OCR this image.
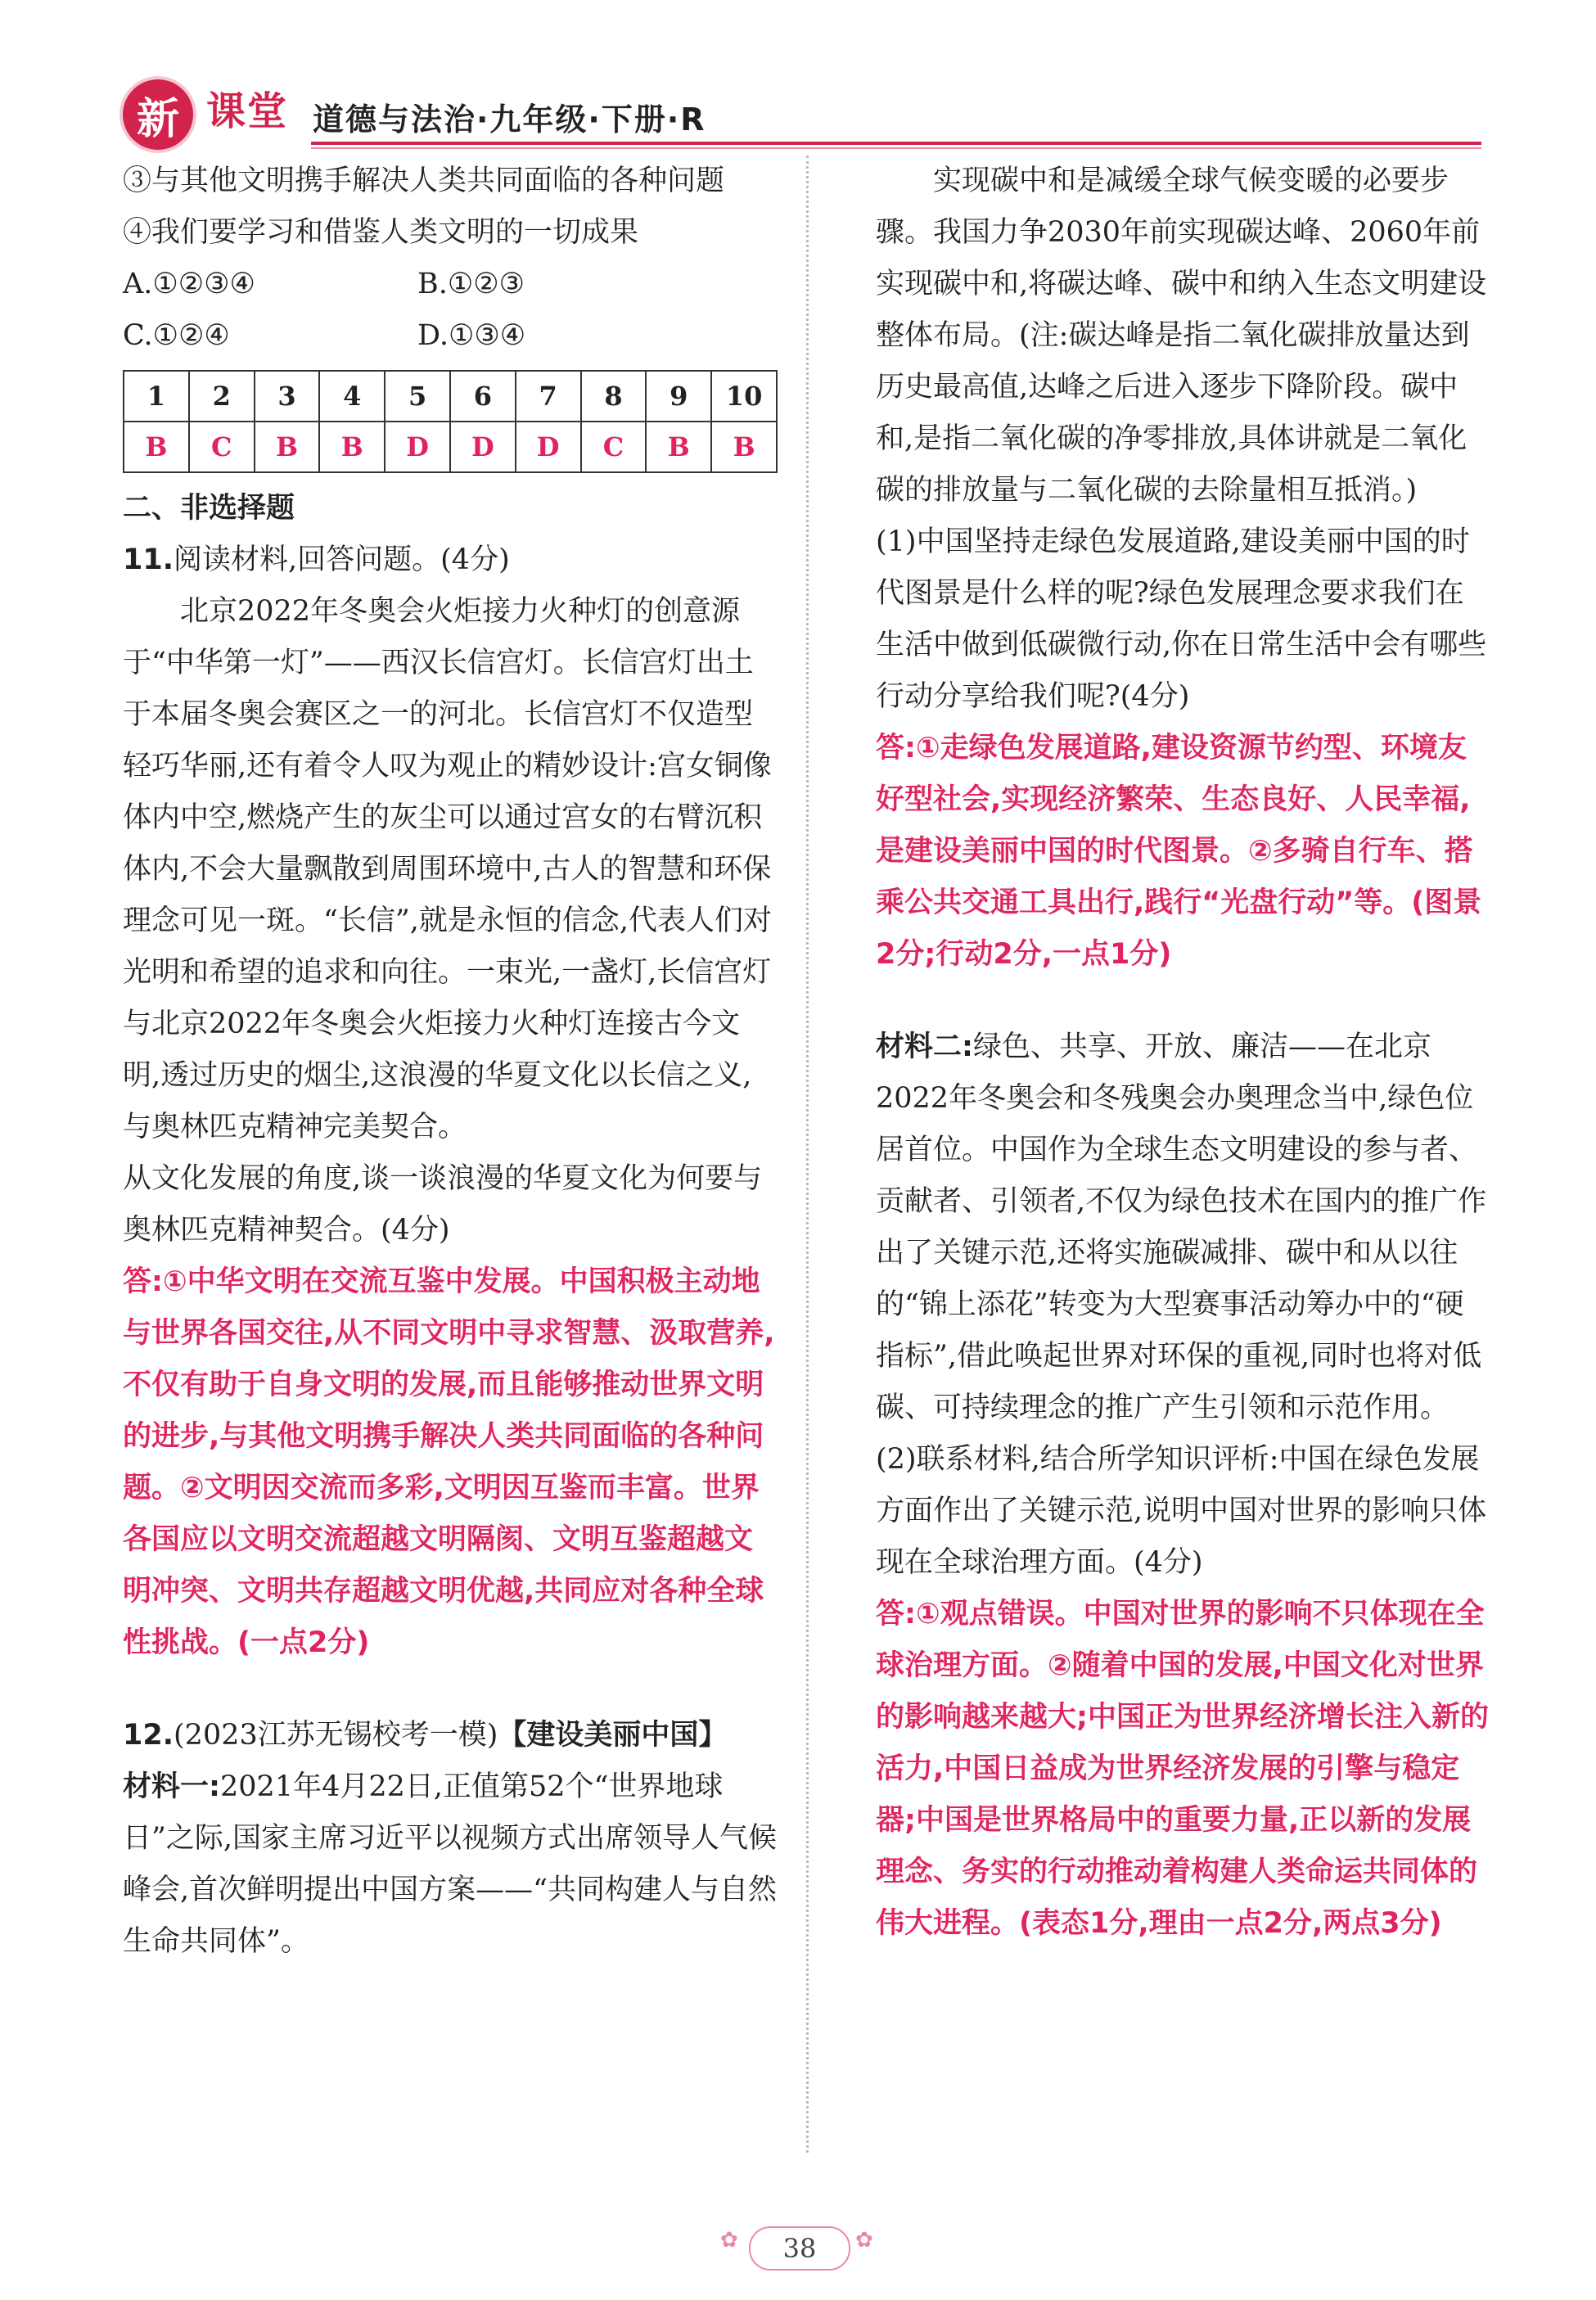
新 课堂 道德与法治·九年级·下册·R

③与其他文明携手解决人类共同面临的各种问题

④我们要学习和借鉴人类文明的一切成果

A.①②③④	B.①②③
C.①②④	D.①③④
1	2	3	4	5	6	7	8	9	10
B	C	B	B	D	D	D	C	B	B

二、非选择题

11.阅读材料,回答问题。(4分)

北京2022年冬奥会火炬接力火种灯的创意源于“中华第一灯”——西汉长信宫灯。长信宫灯出土于本届冬奥会赛区之一的河北。长信宫灯不仅造型轻巧华丽,还有着令人叹为观止的精妙设计:宫女铜像体内中空,燃烧产生的灰尘可以通过宫女的右臂沉积体内,不会大量飘散到周围环境中,古人的智慧和环保理念可见一斑。“长信”,就是永恒的信念,代表人们对光明和希望的追求和向往。一束光,一盏灯,长信宫灯与北京2022年冬奥会火炬接力火种灯连接古今文明,透过历史的烟尘,这浪漫的华夏文化以长信之义,与奥林匹克精神完美契合。

从文化发展的角度,谈一谈浪漫的华夏文化为何要与奥林匹克精神契合。(4分)

答:①中华文明在交流互鉴中发展。中国积极主动地与世界各国交往,从不同文明中寻求智慧、汲取营养,不仅有助于自身文明的发展,而且能够推动世界文明的进步,与其他文明携手解决人类共同面临的各种问题。②文明因交流而多彩,文明因互鉴而丰富。世界各国应以文明交流超越文明隔阂、文明互鉴超越文明冲突、文明共存超越文明优越,共同应对各种全球性挑战。(一点2分)

12.(2023江苏无锡校考一模)【建设美丽中国】

材料一:2021年4月22日,正值第52个“世界地球日”之际,国家主席习近平以视频方式出席领导人气候峰会,首次鲜明提出中国方案——“共同构建人与自然生命共同体”。

实现碳中和是减缓全球气候变暖的必要步骤。我国力争2030年前实现碳达峰、2060年前实现碳中和,将碳达峰、碳中和纳入生态文明建设整体布局。(注:碳达峰是指二氧化碳排放量达到历史最高值,达峰之后进入逐步下降阶段。碳中和,是指二氧化碳的净零排放,具体讲就是二氧化碳的排放量与二氧化碳的去除量相互抵消。)

(1)中国坚持走绿色发展道路,建设美丽中国的时代图景是什么样的呢?绿色发展理念要求我们在生活中做到低碳微行动,你在日常生活中会有哪些行动分享给我们呢?(4分)

答:①走绿色发展道路,建设资源节约型、环境友好型社会,实现经济繁荣、生态良好、人民幸福,是建设美丽中国的时代图景。②多骑自行车、搭乘公共交通工具出行,践行“光盘行动”等。(图景2分;行动2分,一点1分)

材料二:绿色、共享、开放、廉洁——在北京2022年冬奥会和冬残奥会办奥理念当中,绿色位居首位。中国作为全球生态文明建设的参与者、贡献者、引领者,不仅为绿色技术在国内的推广作出了关键示范,还将实施碳减排、碳中和从以往的“锦上添花”转变为大型赛事活动筹办中的“硬指标”,借此唤起世界对环保的重视,同时也将对低碳、可持续理念的推广产生引领和示范作用。

(2)联系材料,结合所学知识评析:中国在绿色发展方面作出了关键示范,说明中国对世界的影响只体现在全球治理方面。(4分)

答:①观点错误。中国对世界的影响不只体现在全球治理方面。②随着中国的发展,中国文化对世界的影响越来越大;中国正为世界经济增长注入新的活力,中国日益成为世界经济发展的引擎与稳定器;中国是世界格局中的重要力量,正以新的发展理念、务实的行动推动着构建人类命运共同体的伟大进程。(表态1分,理由一点2分,两点3分)

38
✿	✿
